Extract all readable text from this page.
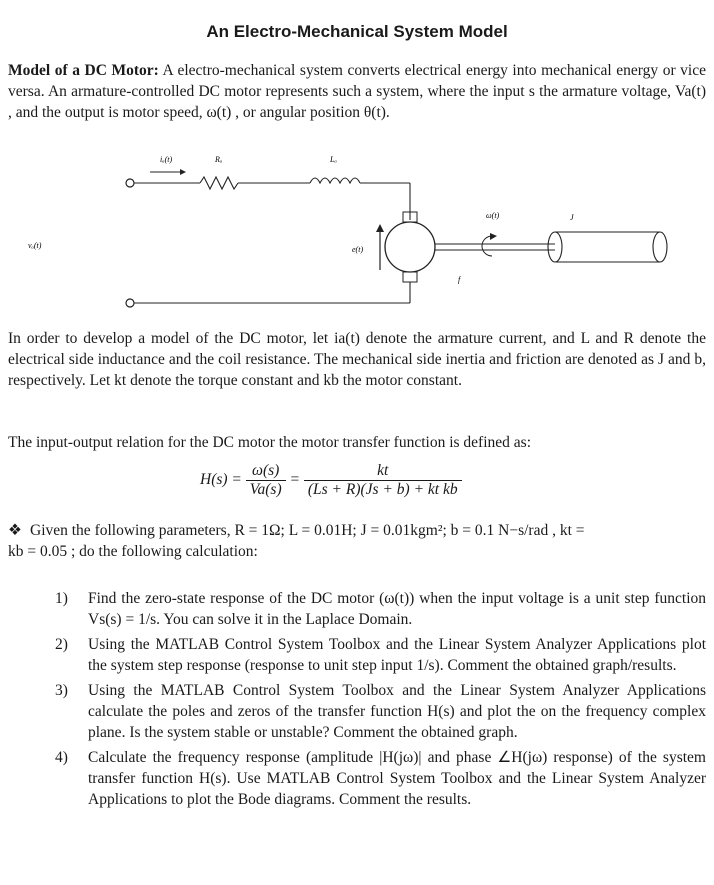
An Electro-Mechanical System Model
Model of a DC Motor: A electro-mechanical system converts electrical energy into mechanical energy or vice versa. An armature-controlled DC motor represents such a system, where the input s the armature voltage, Va(t) , and the output is motor speed, ω(t) , or angular position θ(t).
iₐ(t)	Rₐ	Lₐ
vₐ(t)	e(t)
ω(t)	J
f
In order to develop a model of the DC motor, let ia(t) denote the armature current, and L and R denote the electrical side inductance and the coil resistance. The mechanical side inertia and friction are denoted as J and b, respectively. Let kt denote the torque constant and kb the motor constant.
The input-output relation for the DC motor the motor transfer function is defined as:
$H(s) = \frac{\omega(s)}{Va(s)} = \frac{kt}{\text{(Ls + R)(Js + b) + kt kb}}$
❖ Given the following parameters, R = 1Ω; L = 0.01H; J = 0.01kgm²; b = 0.1 N−s/rad , kt =
kb = 0.05 ; do the following calculation:
1) Find the zero-state response of the DC motor (ω(t)) when the input voltage is a unit step function Vs(s) = 1/s. You can solve it in the Laplace Domain.
2) Using the MATLAB Control System Toolbox and the Linear System Analyzer Applications plot the system step response (response to unit step input 1/s). Comment the obtained graph/results.
3) Using the MATLAB Control System Toolbox and the Linear System Analyzer Applications calculate the poles and zeros of the transfer function H(s) and plot the on the frequency complex plane. Is the system stable or unstable? Comment the obtained graph.
4) Calculate the frequency response (amplitude |H(jω)| and phase ∠H(jω) response) of the system transfer function H(s). Use MATLAB Control System Toolbox and the Linear System Analyzer Applications to plot the Bode diagrams. Comment the results.
